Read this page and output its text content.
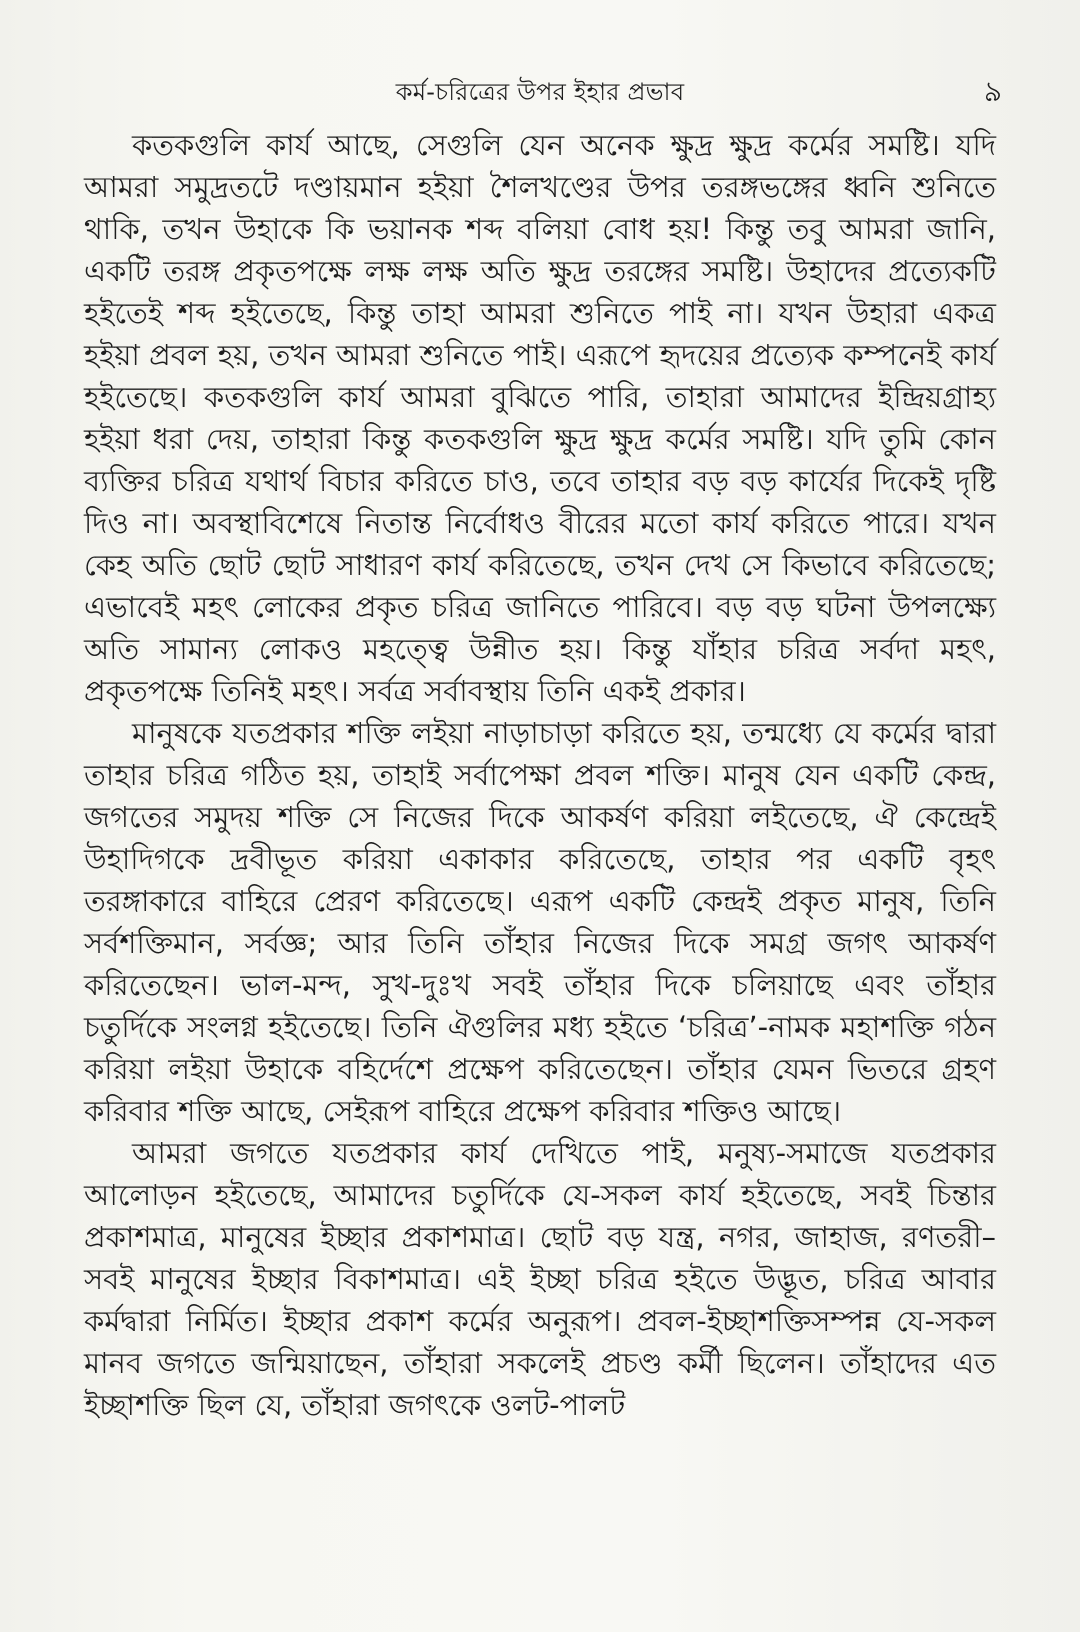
কর্ম-চরিত্রের উপর ইহার প্রভাব	৯

কতকগুলি কার্য আছে, সেগুলি যেন অনেক ক্ষুদ্র ক্ষুদ্র কর্মের সমষ্টি। যদি আমরা সমুদ্রতটে দণ্ডায়মান হইয়া শৈলখণ্ডের উপর তরঙ্গভঙ্গের ধ্বনি শুনিতে থাকি, তখন উহাকে কি ভয়ানক শব্দ বলিয়া বোধ হয়! কিন্তু তবু আমরা জানি, একটি তরঙ্গ প্রকৃতপক্ষে লক্ষ লক্ষ অতি ক্ষুদ্র তরঙ্গের সমষ্টি। উহাদের প্রত্যেকটি হইতেই শব্দ হইতেছে, কিন্তু তাহা আমরা শুনিতে পাই না। যখন উহারা একত্র হইয়া প্রবল হয়, তখন আমরা শুনিতে পাই। এরূপে হৃদয়ের প্রত্যেক কম্পনেই কার্য হইতেছে। কতকগুলি কার্য আমরা বুঝিতে পারি, তাহারা আমাদের ইন্দ্রিয়গ্রাহ্য হইয়া ধরা দেয়, তাহারা কিন্তু কতকগুলি ক্ষুদ্র ক্ষুদ্র কর্মের সমষ্টি। যদি তুমি কোন ব্যক্তির চরিত্র যথার্থ বিচার করিতে চাও, তবে তাহার বড় বড় কার্যের দিকেই দৃষ্টি দিও না। অবস্থাবিশেষে নিতান্ত নির্বোধও বীরের মতো কার্য করিতে পারে। যখন কেহ অতি ছোট ছোট সাধারণ কার্য করিতেছে, তখন দেখ সে কিভাবে করিতেছে; এভাবেই মহৎ লোকের প্রকৃত চরিত্র জানিতে পারিবে। বড় বড় ঘটনা উপলক্ষ্যে অতি সামান্য লোকও মহত্ত্বে উন্নীত হয়। কিন্তু যাঁহার চরিত্র সর্বদা মহৎ, প্রকৃতপক্ষে তিনিই মহৎ। সর্বত্র সর্বাবস্থায় তিনি একই প্রকার।

মানুষকে যতপ্রকার শক্তি লইয়া নাড়াচাড়া করিতে হয়, তন্মধ্যে যে কর্মের দ্বারা তাহার চরিত্র গঠিত হয়, তাহাই সর্বাপেক্ষা প্রবল শক্তি। মানুষ যেন একটি কেন্দ্র, জগতের সমুদয় শক্তি সে নিজের দিকে আকর্ষণ করিয়া লইতেছে, ঐ কেন্দ্রেই উহাদিগকে দ্রবীভূত করিয়া একাকার করিতেছে, তাহার পর একটি বৃহৎ তরঙ্গাকারে বাহিরে প্রেরণ করিতেছে। এরূপ একটি কেন্দ্রই প্রকৃত মানুষ, তিনি সর্বশক্তিমান, সর্বজ্ঞ; আর তিনি তাঁহার নিজের দিকে সমগ্র জগৎ আকর্ষণ করিতেছেন। ভাল-মন্দ, সুখ-দুঃখ সবই তাঁহার দিকে চলিয়াছে এবং তাঁহার চতুর্দিকে সংলগ্ন হইতেছে। তিনি ঐগুলির মধ্য হইতে ‘চরিত্র’-নামক মহাশক্তি গঠন করিয়া লইয়া উহাকে বহির্দেশে প্রক্ষেপ করিতেছেন। তাঁহার যেমন ভিতরে গ্রহণ করিবার শক্তি আছে, সেইরূপ বাহিরে প্রক্ষেপ করিবার শক্তিও আছে।

আমরা জগতে যতপ্রকার কার্য দেখিতে পাই, মনুষ্য-সমাজে যতপ্রকার আলোড়ন হইতেছে, আমাদের চতুর্দিকে যে-সকল কার্য হইতেছে, সবই চিন্তার প্রকাশমাত্র, মানুষের ইচ্ছার প্রকাশমাত্র। ছোট বড় যন্ত্র, নগর, জাহাজ, রণতরী–সবই মানুষের ইচ্ছার বিকাশমাত্র। এই ইচ্ছা চরিত্র হইতে উদ্ভূত, চরিত্র আবার কর্মদ্বারা নির্মিত। ইচ্ছার প্রকাশ কর্মের অনুরূপ। প্রবল-ইচ্ছাশক্তিসম্পন্ন যে-সকল মানব জগতে জন্মিয়াছেন, তাঁহারা সকলেই প্রচণ্ড কর্মী ছিলেন। তাঁহাদের এত ইচ্ছাশক্তি ছিল যে, তাঁহারা জগৎকে ওলট-পালট
